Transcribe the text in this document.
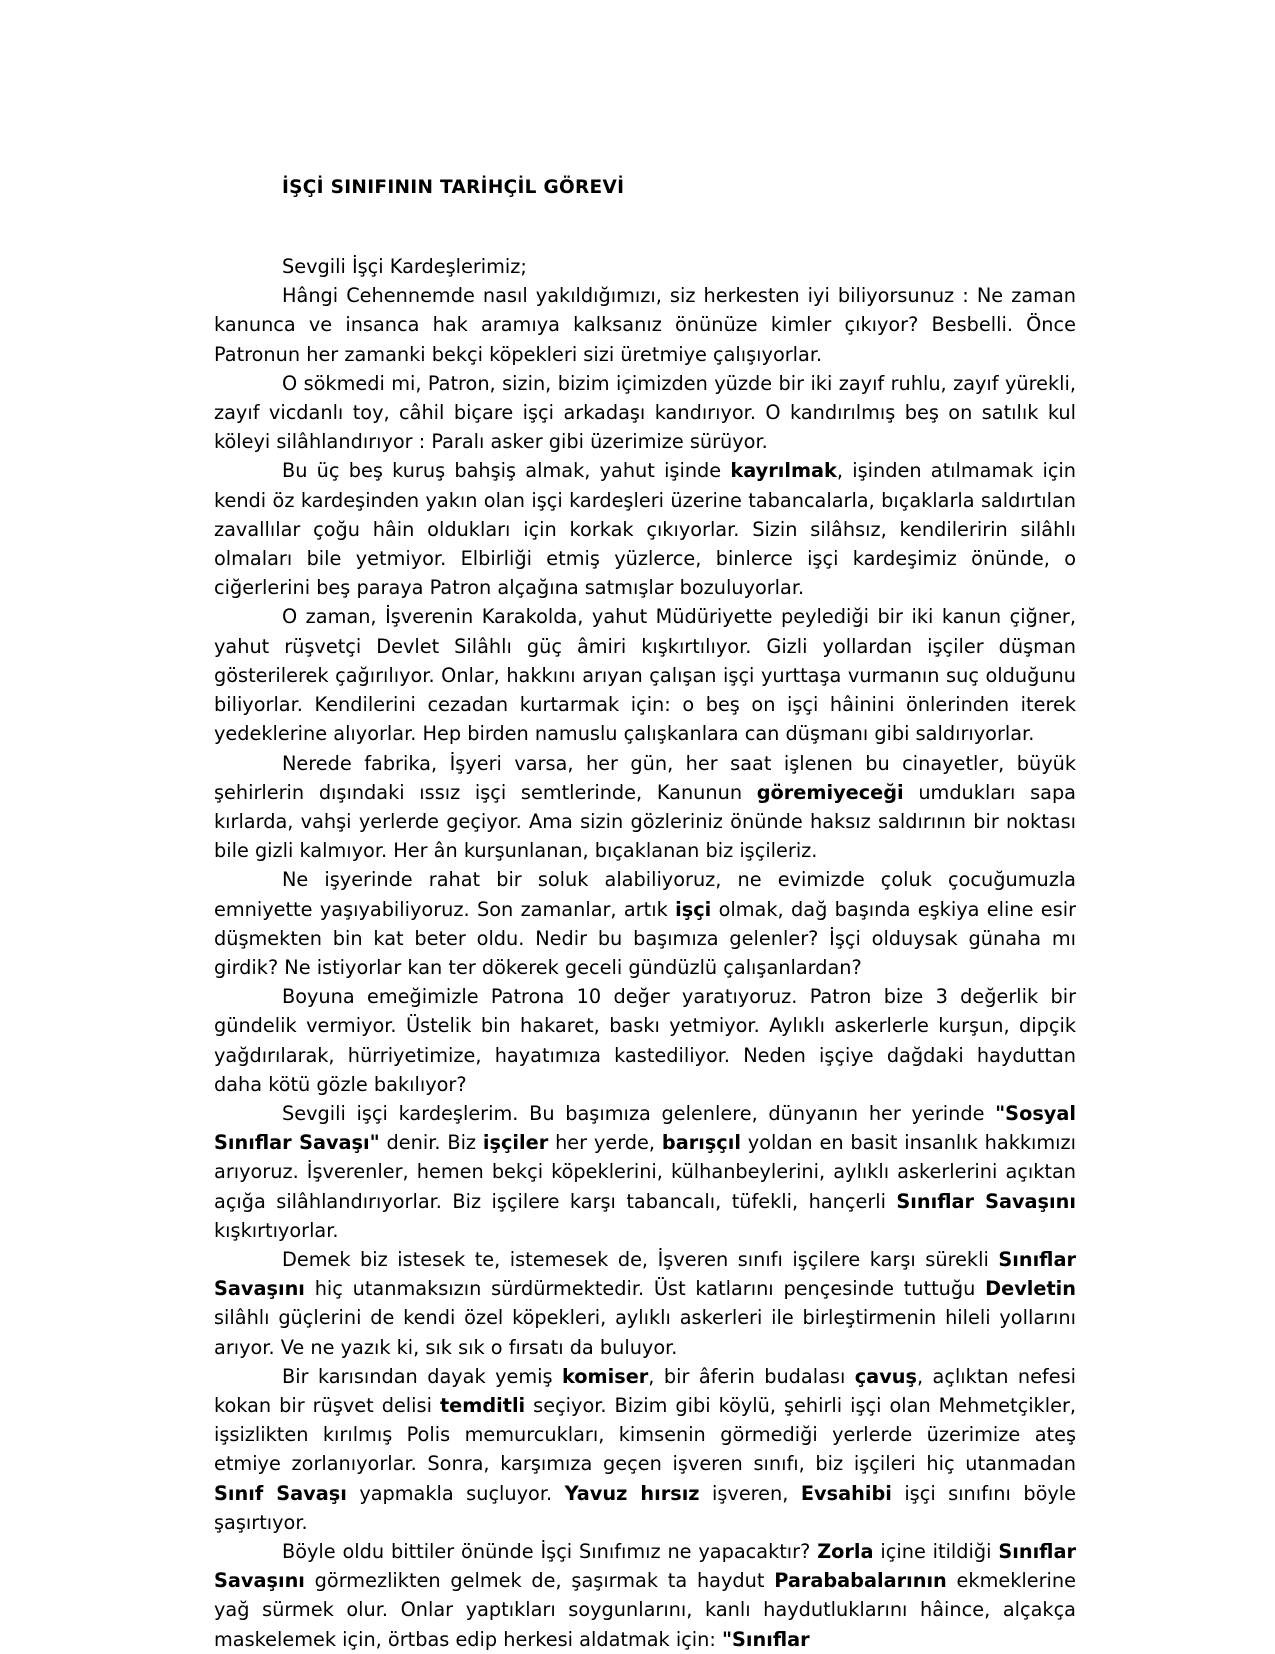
İŞÇİ SINIFININ TARİHÇİL GÖREVİ

Sevgili İşçi Kardeşlerimiz;

Hângi Cehennemde nasıl yakıldığımızı, siz herkesten iyi biliyorsunuz : Ne zaman kanunca ve insanca hak aramıya kalksanız önünüze kimler çıkıyor? Besbelli. Önce Patronun her zamanki bekçi köpekleri sizi üretmiye çalışıyorlar.

O sökmedi mi, Patron, sizin, bizim içimizden yüzde bir iki zayıf ruhlu, zayıf yürekli, zayıf vicdanlı toy, câhil biçare işçi arkadaşı kandırıyor. O kandırılmış beş on satılık kul köleyi silâhlandırıyor : Paralı asker gibi üzerimize sürüyor.

Bu üç beş kuruş bahşiş almak, yahut işinde kayrılmak, işinden atılmamak için kendi öz kardeşinden yakın olan işçi kardeşleri üzerine tabancalarla, bıçaklarla saldırtılan zavallılar çoğu hâin oldukları için korkak çıkıyorlar. Sizin silâhsız, kendileririn silâhlı olmaları bile yetmiyor. Elbirliği etmiş yüzlerce, binlerce işçi kardeşimiz önünde, o ciğerlerini beş paraya Patron alçağına satmışlar bozuluyorlar.

O zaman, İşverenin Karakolda, yahut Müdüriyette peylediği bir iki kanun çiğner, yahut rüşvetçi Devlet Silâhlı güç âmiri kışkırtılıyor. Gizli yollardan işçiler düşman gösterilerek çağırılıyor. Onlar, hakkını arıyan çalışan işçi yurttaşa vurmanın suç olduğunu biliyorlar. Kendilerini cezadan kurtarmak için: o beş on işçi hâinini önlerinden iterek yedeklerine alıyorlar. Hep birden namuslu çalışkanlara can düşmanı gibi saldırıyorlar.

Nerede fabrika, İşyeri varsa, her gün, her saat işlenen bu cinayetler, büyük şehirlerin dışındaki ıssız işçi semtlerinde, Kanunun göremiyeceği umdukları sapa kırlarda, vahşi yerlerde geçiyor. Ama sizin gözleriniz önünde haksız saldırının bir noktası bile gizli kalmıyor. Her ân kurşunlanan, bıçaklanan biz işçileriz.

Ne işyerinde rahat bir soluk alabiliyoruz, ne evimizde çoluk çocuğumuzla emniyette yaşıyabiliyoruz. Son zamanlar, artık işçi olmak, dağ başında eşkiya eline esir düşmekten bin kat beter oldu. Nedir bu başımıza gelenler? İşçi olduysak günaha mı girdik? Ne istiyorlar kan ter dökerek geceli gündüzlü çalışanlardan?

Boyuna emeğimizle Patrona 10 değer yaratıyoruz. Patron bize 3 değerlik bir gündelik vermiyor. Üstelik bin hakaret, baskı yetmiyor. Aylıklı askerlerle kurşun, dipçik yağdırılarak, hürriyetimize, hayatımıza kastediliyor. Neden işçiye dağdaki hayduttan daha kötü gözle bakılıyor?

Sevgili işçi kardeşlerim. Bu başımıza gelenlere, dünyanın her yerinde "Sosyal Sınıflar Savaşı" denir. Biz işçiler her yerde, barışçıl yoldan en basit insanlık hakkımızı arıyoruz. İşverenler, hemen bekçi köpeklerini, külhanbeylerini, aylıklı askerlerini açıktan açığa silâhlandırıyorlar. Biz işçilere karşı tabancalı, tüfekli, hançerli Sınıflar Savaşını kışkırtıyorlar.

Demek biz istesek te, istemesek de, İşveren sınıfı işçilere karşı sürekli Sınıflar Savaşını hiç utanmaksızın sürdürmektedir. Üst katlarını pençesinde tuttuğu Devletin silâhlı güçlerini de kendi özel köpekleri, aylıklı askerleri ile birleştirmenin hileli yollarını arıyor. Ve ne yazık ki, sık sık o fırsatı da buluyor.

Bir karısından dayak yemiş komiser, bir âferin budalası çavuş, açlıktan nefesi kokan bir rüşvet delisi temditli seçiyor. Bizim gibi köylü, şehirli işçi olan Mehmetçikler, işsizlikten kırılmış Polis memurcukları, kimsenin görmediği yerlerde üzerimize ateş etmiye zorlanıyorlar. Sonra, karşımıza geçen işveren sınıfı, biz işçileri hiç utanmadan Sınıf Savaşı yapmakla suçluyor. Yavuz hırsız işveren, Evsahibi işçi sınıfını böyle şaşırtıyor.

Böyle oldu bittiler önünde İşçi Sınıfımız ne yapacaktır? Zorla içine itildiği Sınıflar Savaşını görmezlikten gelmek de, şaşırmak ta haydut Parababalarının ekmeklerine yağ sürmek olur. Onlar yaptıkları soygunlarını, kanlı haydutluklarını hâince, alçakça maskelemek için, örtbas edip herkesi aldatmak için: "Sınıflar
